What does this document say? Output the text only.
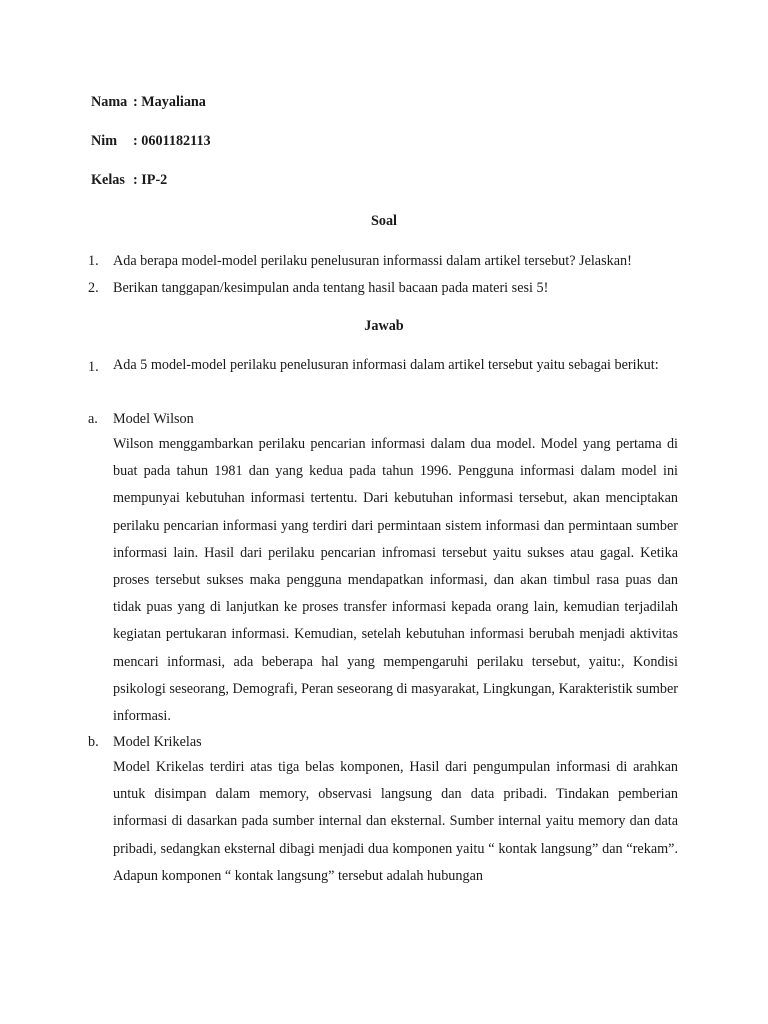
Nama : Mayaliana
Nim : 0601182113
Kelas : IP-2
Soal
1. Ada berapa model-model perilaku penelusuran informassi dalam artikel tersebut? Jelaskan!
2. Berikan tanggapan/kesimpulan anda tentang hasil bacaan pada materi sesi 5!
Jawab
1. Ada 5 model-model perilaku penelusuran informasi dalam artikel tersebut yaitu sebagai berikut:
a. Model Wilson
Wilson menggambarkan perilaku pencarian informasi dalam dua model. Model yang pertama di buat pada tahun 1981 dan yang kedua pada tahun 1996. Pengguna informasi dalam model ini mempunyai kebutuhan informasi tertentu. Dari kebutuhan informasi tersebut, akan menciptakan perilaku pencarian informasi yang terdiri dari permintaan sistem informasi dan permintaan sumber informasi lain. Hasil dari perilaku pencarian infromasi tersebut yaitu sukses atau gagal. Ketika proses tersebut sukses maka pengguna mendapatkan informasi, dan akan timbul rasa puas dan tidak puas yang di lanjutkan ke proses transfer informasi kepada orang lain, kemudian terjadilah kegiatan pertukaran informasi. Kemudian, setelah kebutuhan informasi berubah menjadi aktivitas mencari informasi, ada beberapa hal yang mempengaruhi perilaku tersebut, yaitu:, Kondisi psikologi seseorang, Demografi, Peran seseorang di masyarakat, Lingkungan, Karakteristik sumber informasi.
b. Model Krikelas
Model Krikelas terdiri atas tiga belas komponen, Hasil dari pengumpulan informasi di arahkan untuk disimpan dalam memory, observasi langsung dan data pribadi. Tindakan pemberian informasi di dasarkan pada sumber internal dan eksternal. Sumber internal yaitu memory dan data pribadi, sedangkan eksternal dibagi menjadi dua komponen yaitu “ kontak langsung” dan “rekam”. Adapun komponen “ kontak langsung” tersebut adalah hubungan
